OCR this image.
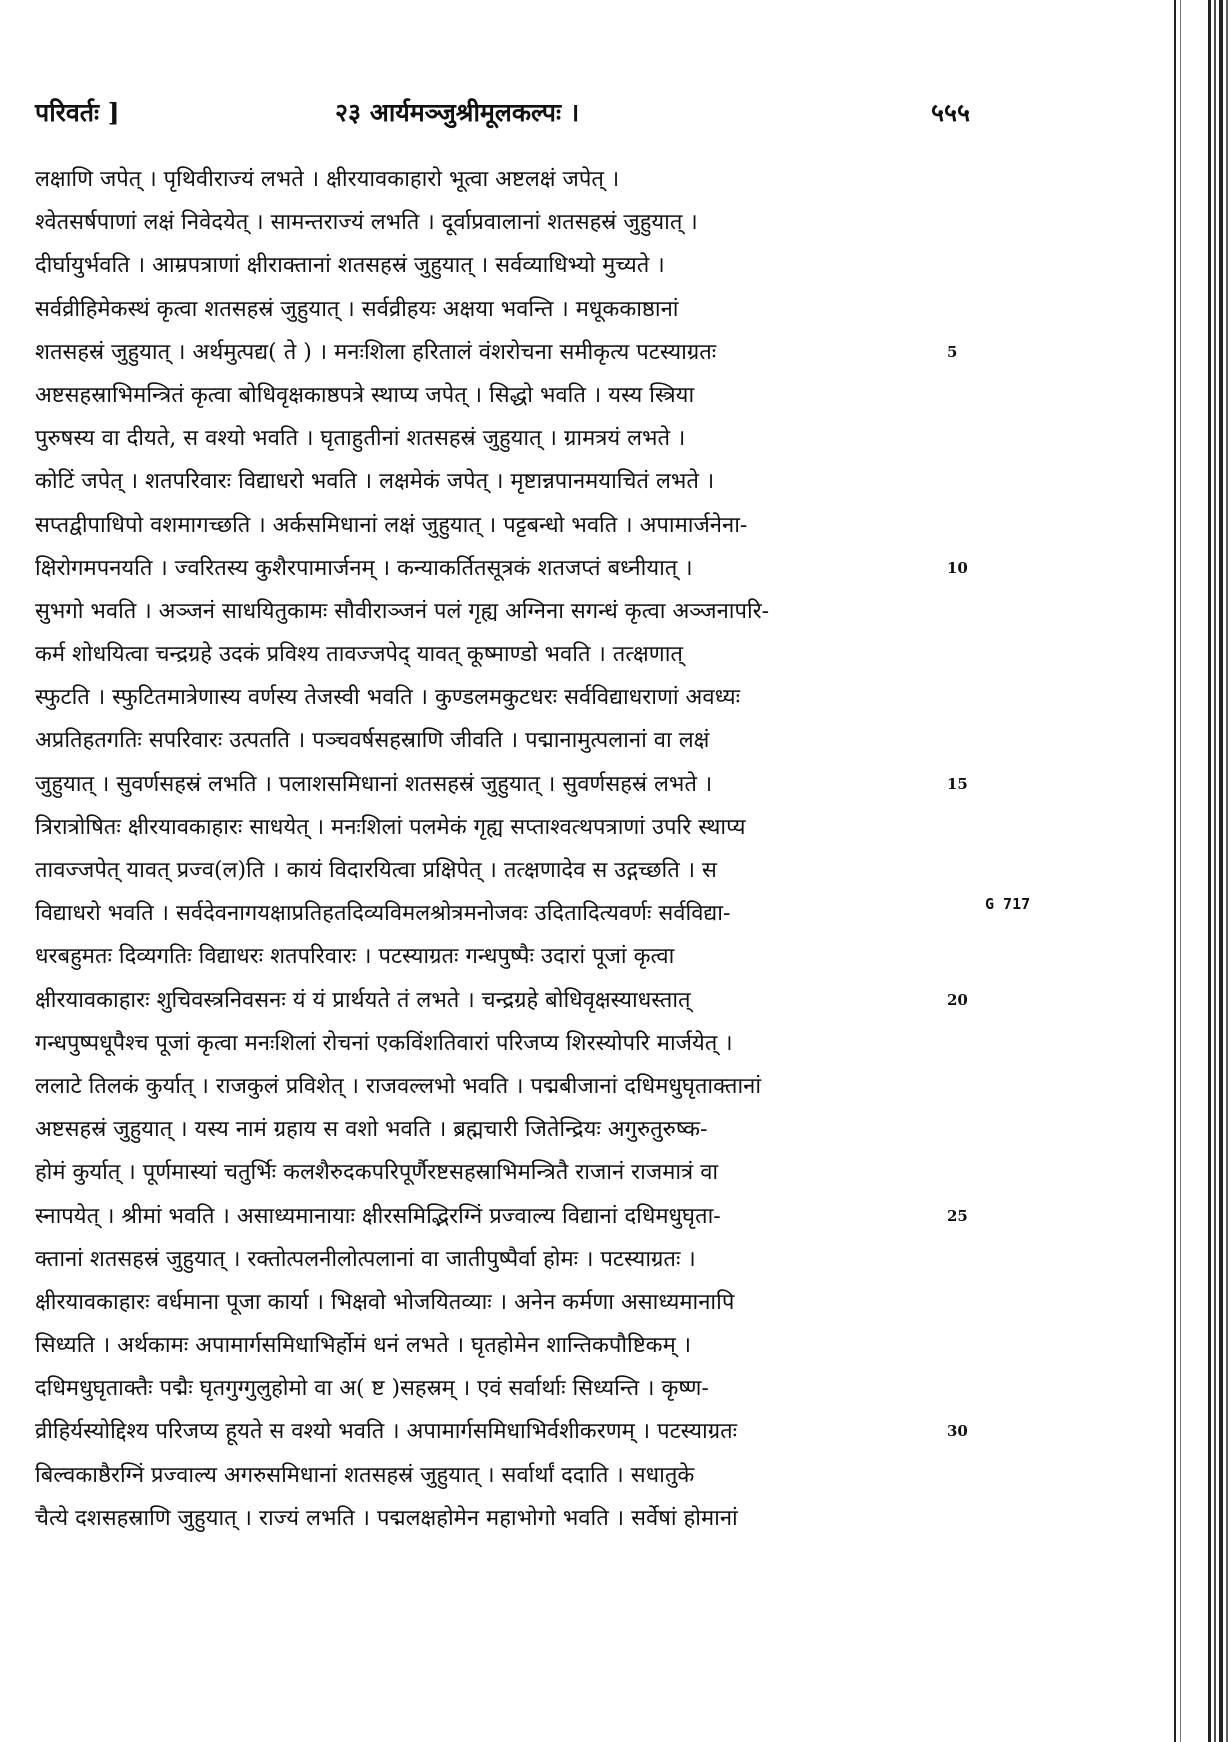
परिवर्तः ]	२३ आर्यमञ्जुश्रीमूलकल्पः ।	५५५
लक्षाणि जपेत् । पृथिवीराज्यं लभते । क्षीरयावकाहारो भूत्वा अष्टलक्षं जपेत् ।
श्वेतसर्षपाणां लक्षं निवेदयेत् । सामन्तराज्यं लभति । दूर्वाप्रवालानां शतसहस्रं जुहुयात् ।
दीर्घायुर्भवति । आम्रपत्राणां क्षीराक्तानां शतसहस्रं जुहुयात् । सर्वव्याधिभ्यो मुच्यते ।
सर्वव्रीहिमेकस्थं कृत्वा शतसहस्रं जुहुयात् । सर्वव्रीहयः अक्षया भवन्ति । मधूककाष्ठानां
शतसहस्रं जुहुयात् । अर्थमुत्पद्य( ते ) । मनःशिला हरितालं वंशरोचना समीकृत्य पटस्याग्रतः	5
अष्टसहस्राभिमन्त्रितं कृत्वा बोधिवृक्षकाष्ठपत्रे स्थाप्य जपेत् । सिद्धो भवति । यस्य स्त्रिया
पुरुषस्य वा दीयते, स वश्यो भवति । घृताहुतीनां शतसहस्रं जुहुयात् । ग्रामत्रयं लभते ।
कोटिं जपेत् । शतपरिवारः विद्याधरो भवति । लक्षमेकं जपेत् । मृष्टान्नपानमयाचितं लभते ।
सप्तद्वीपाधिपो वशमागच्छति । अर्कसमिधानां लक्षं जुहुयात् । पट्टबन्धो भवति । अपामार्जनेना-
क्षिरोगमपनयति । ज्वरितस्य कुशैरपामार्जनम् । कन्याकर्तितसूत्रकं शतजप्तं बध्नीयात् ।	10
सुभगो भवति । अञ्जनं साधयितुकामः सौवीराञ्जनं पलं गृह्य अग्निना सगन्धं कृत्वा अञ्जनापरि-
कर्म शोधयित्वा चन्द्रग्रहे उदकं प्रविश्य तावज्जपेद् यावत् कूष्माण्डो भवति । तत्क्षणात्
स्फुटति । स्फुटितमात्रेणास्य वर्णस्य तेजस्वी भवति । कुण्डलमकुटधरः सर्वविद्याधराणां अवध्यः
अप्रतिहतगतिः सपरिवारः उत्पतति । पञ्चवर्षसहस्राणि जीवति । पद्मानामुत्पलानां वा लक्षं
जुहुयात् । सुवर्णसहस्रं लभति । पलाशसमिधानां शतसहस्रं जुहुयात् । सुवर्णसहस्रं लभते ।	15
त्रिरात्रोषितः क्षीरयावकाहारः साधयेत् । मनःशिलां पलमेकं गृह्य सप्ताश्वत्थपत्राणां उपरि स्थाप्य
तावज्जपेत् यावत् प्रज्व(ल)ति । कायं विदारयित्वा प्रक्षिपेत् । तत्क्षणादेव स उद्गच्छति । स
विद्याधरो भवति । सर्वदेवनागयक्षाप्रतिहतदिव्यविमलश्रोत्रमनोजवः उदितादित्यवर्णः सर्वविद्या-
धरबहुमतः दिव्यगतिः विद्याधरः शतपरिवारः । पटस्याग्रतः गन्धपुष्पैः उदारां पूजां कृत्वा
क्षीरयावकाहारः शुचिवस्त्रनिवसनः यं यं प्रार्थयते तं लभते । चन्द्रग्रहे बोधिवृक्षस्याधस्तात्	20
गन्धपुष्पधूपैश्च पूजां कृत्वा मनःशिलां रोचनां एकविंशतिवारां परिजप्य शिरस्योपरि मार्जयेत् ।
ललाटे तिलकं कुर्यात् । राजकुलं प्रविशेत् । राजवल्लभो भवति । पद्मबीजानां दधिमधुघृताक्तानां
अष्टसहस्रं जुहुयात् । यस्य नामं ग्रहाय स वशो भवति । ब्रह्मचारी जितेन्द्रियः अगुरुतुरुष्क-
होमं कुर्यात् । पूर्णमास्यां चतुर्भिः कलशैरुदकपरिपूर्णैरष्टसहस्राभिमन्त्रितै राजानं राजमात्रं वा
स्नापयेत् । श्रीमां भवति । असाध्यमानायाः क्षीरसमिद्भिरग्निं प्रज्वाल्य विद्यानां दधिमधुघृता-	25
क्तानां शतसहस्रं जुहुयात् । रक्तोत्पलनीलोत्पलानां वा जातीपुष्पैर्वा होमः । पटस्याग्रतः ।
क्षीरयावकाहारः वर्धमाना पूजा कार्या । भिक्षवो भोजयितव्याः । अनेन कर्मणा असाध्यमानापि
सिध्यति । अर्थकामः अपामार्गसमिधाभिर्होमं धनं लभते । घृतहोमेन शान्तिकपौष्टिकम् ।
दधिमधुघृताक्तैः पद्मैः घृतगुग्गुलुहोमो वा अ( ष्ट )सहस्रम् । एवं सर्वार्थाः सिध्यन्ति । कृष्ण-
व्रीहिर्यस्योद्दिश्य परिजप्य हूयते स वश्यो भवति । अपामार्गसमिधाभिर्वशीकरणम् । पटस्याग्रतः	30
बिल्वकाष्ठैरग्निं प्रज्वाल्य अगरुसमिधानां शतसहस्रं जुहुयात् । सर्वार्थां ददाति । सधातुके
चैत्ये दशसहस्राणि जुहुयात् । राज्यं लभति । पद्मलक्षहोमेन महाभोगो भवति । सर्वेषां होमानां
G 717
